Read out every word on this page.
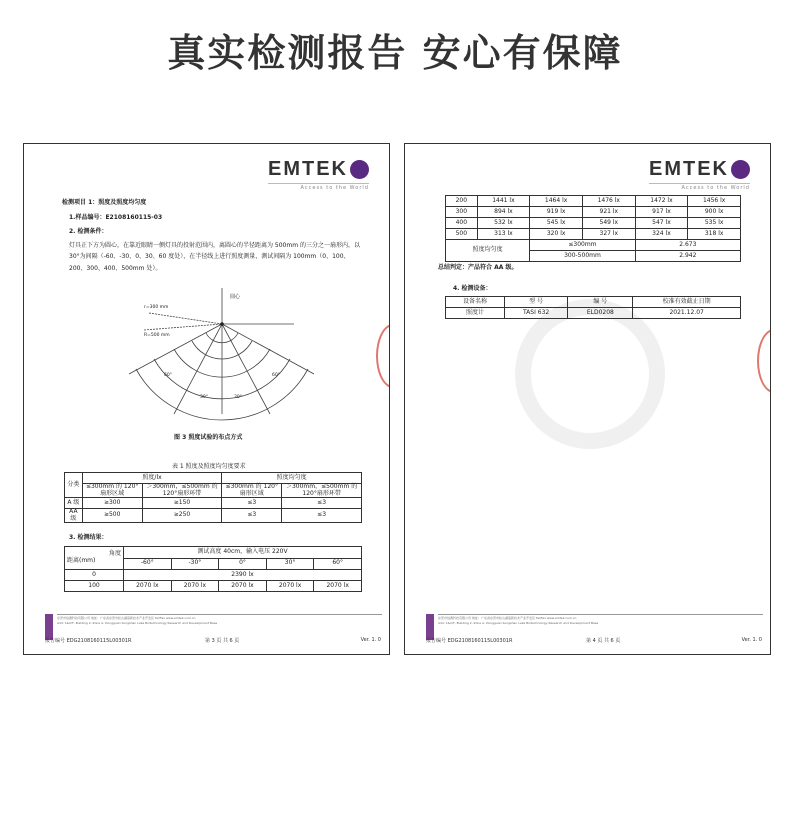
真实检测报告 安心有保障
EMTEK
Access to the World
检测项目 1：照度及照度均匀度
1.样品编号：E2108160115-03
2. 检测条件：
灯具正下方为圆心，在靠近眼睛一侧灯具的投射范围内，离圆心的半径距离为 500mm 的三分之一扇形内，以 30°为间隔（-60、-30、0、30、60 度处），在半径线上进行照度测量，测试间隔为 100mm（0、100、200、300、400、500mm 处）。
圆心
r=300 mm
R=500 mm
60°	60°
30°	30°
图 3 照度试验的布点方式
表 1 照度及照度均匀度要求
分类	照度/lx		照度均匀度	
	≤300mm 的 120°扇形区域	＞300mm，≤500mm 的 120°扇形环带	≤300mm 的 120°扇形区域	＞300mm，≤500mm 的 120°扇形环带
A 级	≥300	≥150	≤3	≤3
AA 级	≥500	≥250	≤3	≤3
3. 检测结果：
角度
距离(mm)	测试高度 40cm，输入电压 220V				
	-60°	-30°	0°	30°	60°
0	2390 lx				
100	2070 lx	2070 lx	2070 lx	2070 lx	2070 lx
东莞市信测科技有限公司 地址：广东省东莞市松山湖高新技术产业开发区 Tel/Fax www.emtek.com.cn
Add: 1&2/F, Building 2, Zone A, Dongguan Songshan Lake Biotechnology Research and Development Base
报告编号 EDG2108160115L00301R	第 3 页 共 6 页	Ver. 1. 0
EMTEK
Access to the World
200	1441 lx	1464 lx	1476 lx	1472 lx	1456 lx
300	894 lx	919 lx	921 lx	917 lx	900 lx
400	532 lx	545 lx	549 lx	547 lx	535 lx
500	313 lx	320 lx	327 lx	324 lx	318 lx
照度均匀度		≤300mm		2.673	
		300-500mm		2.942	
总结判定：产品符合 AA 级。
4. 检测设备：
设备名称	型 号	编 号	校准有效截止日期
照度计	TASI 632	ELD0208	2021.12.07
东莞市信测科技有限公司 地址：广东省东莞市松山湖高新技术产业开发区 Tel/Fax www.emtek.com.cn
Add: 1&2/F, Building 2, Zone A, Dongguan Songshan Lake Biotechnology Research and Development Base
报告编号 EDG2108160115L00301R	第 4 页 共 6 页	Ver. 1. 0
